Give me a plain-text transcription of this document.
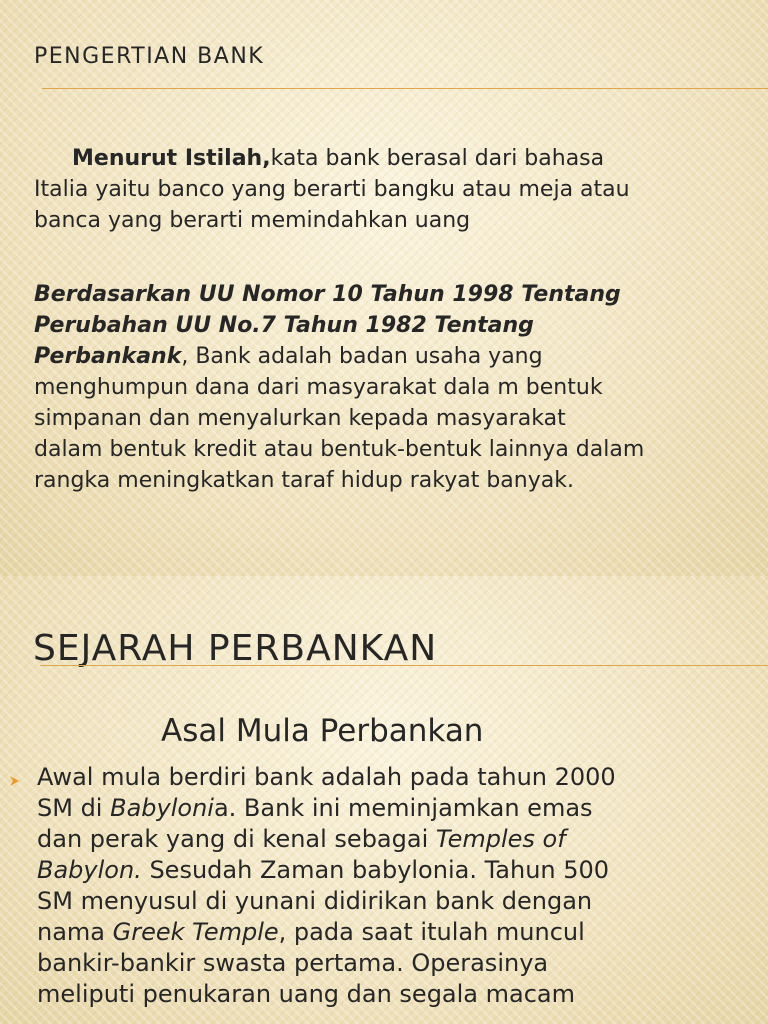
PENGERTIAN BANK
Menurut Istilah,kata bank berasal dari bahasa
Italia yaitu banco yang berarti bangku atau meja atau
banca yang berarti memindahkan uang
Berdasarkan UU Nomor 10 Tahun 1998 Tentang
Perubahan UU No.7 Tahun 1982 Tentang
Perbankank, Bank adalah badan usaha yang
menghumpun dana dari masyarakat dala m bentuk
simpanan dan menyalurkan kepada masyarakat
dalam bentuk kredit atau bentuk-bentuk lainnya dalam
rangka meningkatkan taraf hidup rakyat banyak.
SEJARAH PERBANKAN
Asal Mula Perbankan
Awal mula berdiri bank adalah pada tahun 2000
SM di Babylonia. Bank ini meminjamkan emas
dan perak yang di kenal sebagai Temples of
Babylon. Sesudah Zaman babylonia. Tahun 500
SM menyusul di yunani didirikan bank dengan
nama Greek Temple, pada saat itulah muncul
bankir-bankir swasta pertama. Operasinya
meliputi penukaran uang dan segala macam
